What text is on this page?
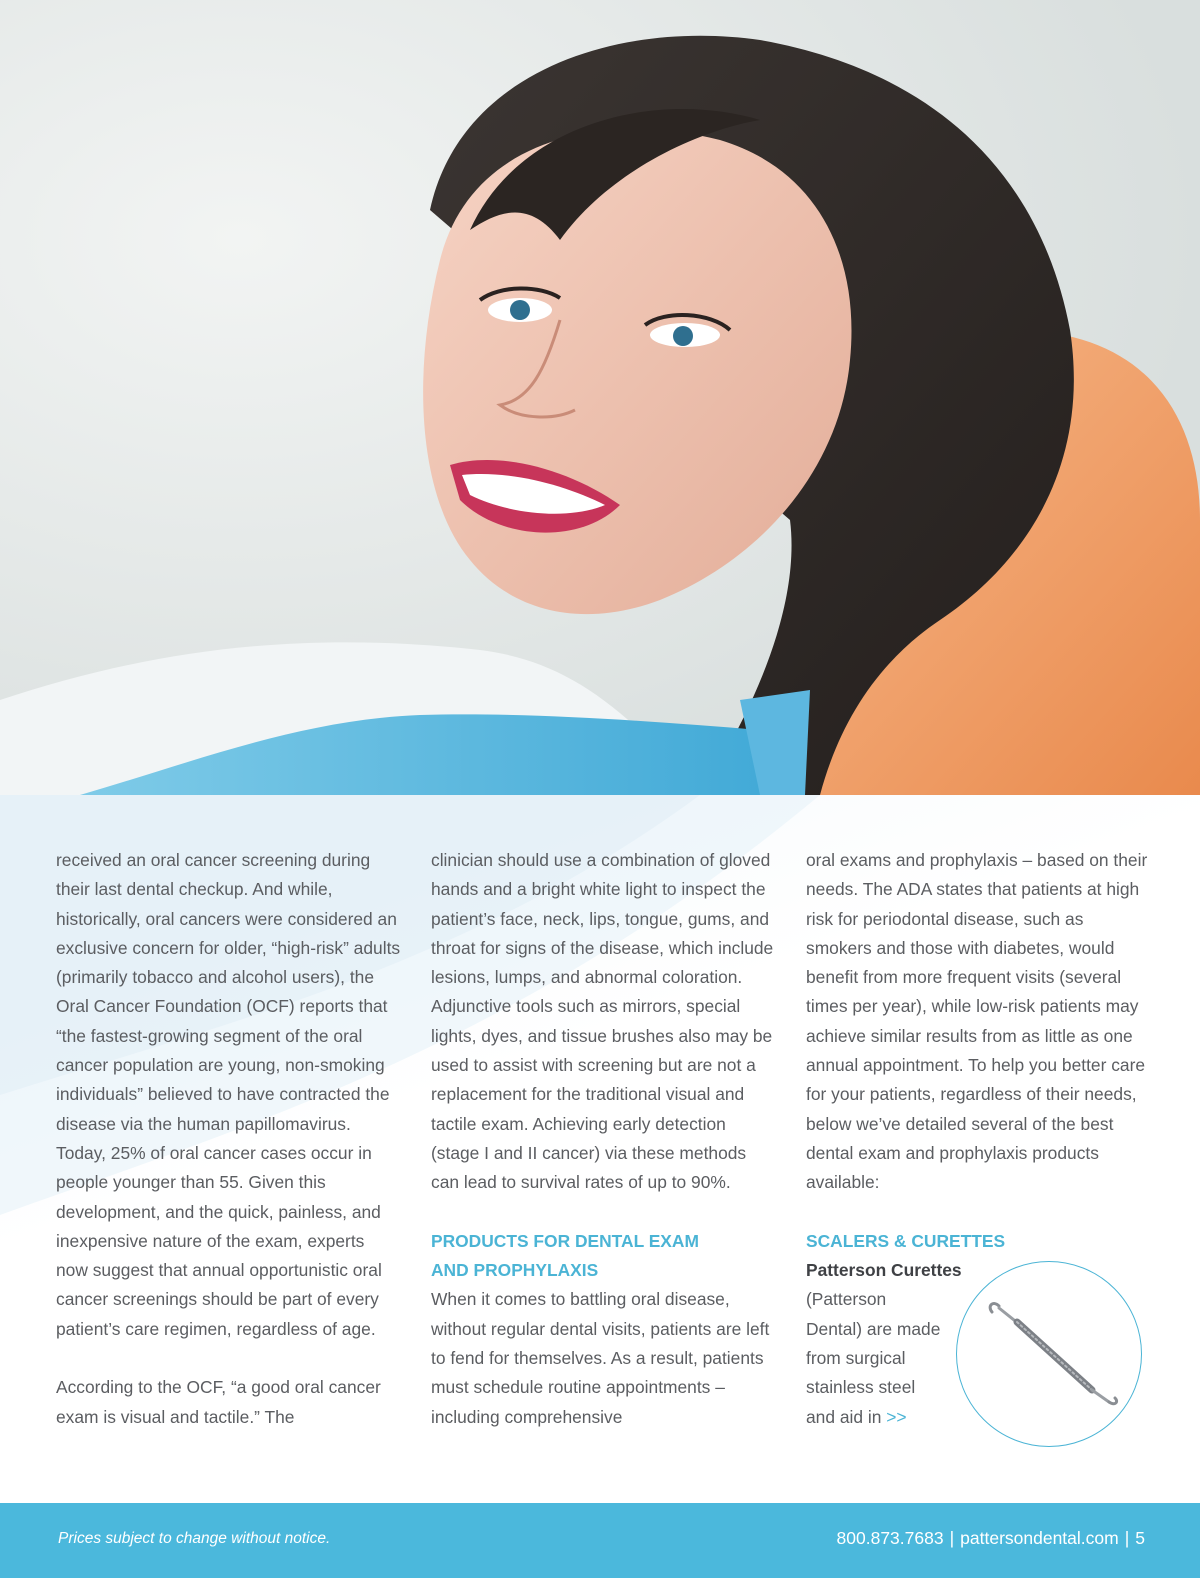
received an oral cancer screening during their last dental checkup. And while, historically, oral cancers were considered an exclusive concern for older, “high-risk” adults (primarily tobacco and alcohol users), the Oral Cancer Foundation (OCF) reports that “the fastest-growing segment of the oral cancer population are young, non-smoking individuals” believed to have contracted the disease via the human papillomavirus. Today, 25% of oral cancer cases occur in people younger than 55. Given this development, and the quick, painless, and inexpensive nature of the exam, experts now suggest that annual opportunistic oral cancer screenings should be part of every patient’s care regimen, regardless of age.

According to the OCF, “a good oral cancer exam is visual and tactile.” The

clinician should use a combination of gloved hands and a bright white light to inspect the patient’s face, neck, lips, tongue, gums, and throat for signs of the disease, which include lesions, lumps, and abnormal coloration. Adjunctive tools such as mirrors, special lights, dyes, and tissue brushes also may be used to assist with screening but are not a replacement for the traditional visual and tactile exam. Achieving early detection (stage I and II cancer) via these methods can lead to survival rates of up to 90%.

PRODUCTS FOR DENTAL EXAM

AND PROPHYLAXIS

When it comes to battling oral disease, without regular dental visits, patients are left to fend for themselves. As a result, patients must schedule routine appointments – including comprehensive

oral exams and prophylaxis – based on their needs. The ADA states that patients at high risk for periodontal disease, such as smokers and those with diabetes, would benefit from more frequent visits (several times per year), while low-risk patients may achieve similar results from as little as one annual appointment. To help you better care for your patients, regardless of their needs, below we’ve detailed several of the best dental exam and prophylaxis products available:

SCALERS & CURETTES

Patterson Curettes

(Patterson Dental) are made from surgical stainless steel and aid in >>

Prices subject to change without notice.	800.873.7683 | pattersondental.com | 5
